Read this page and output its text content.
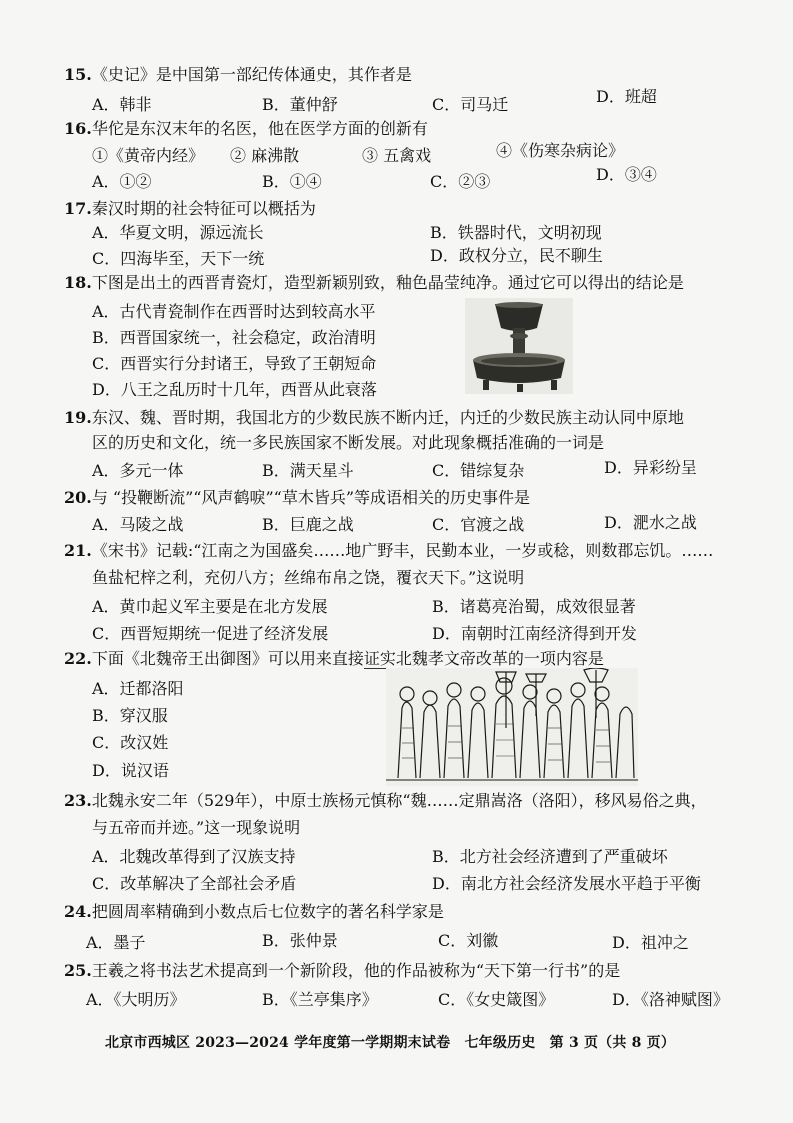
15.《史记》是中国第一部纪传体通史，其作者是
A．韩非	B．董仲舒	C．司马迁	D．班超
16.华佗是东汉末年的名医，他在医学方面的创新有
①《黄帝内经》 ② 麻沸散	③ 五禽戏	④《伤寒杂病论》
A．①②	B．①④	C．②③	D．③④
17.秦汉时期的社会特征可以概括为
A．华夏文明，源远流长	B．铁器时代，文明初现
C．四海毕至，天下一统	D．政权分立，民不聊生
18.下图是出土的西晋青瓷灯，造型新颖别致，釉色晶莹纯净。通过它可以得出的结论是
A．古代青瓷制作在西晋时达到较高水平
B．西晋国家统一，社会稳定，政治清明
C．西晋实行分封诸王，导致了王朝短命
D．八王之乱历时十几年，西晋从此衰落
19.东汉、魏、晋时期，我国北方的少数民族不断内迁，内迁的少数民族主动认同中原地
区的历史和文化，统一多民族国家不断发展。对此现象概括准确的一词是
A．多元一体	B．满天星斗	C．错综复杂	D．异彩纷呈
20.与 “投鞭断流”“风声鹤唳”“草木皆兵”等成语相关的历史事件是
A．马陵之战	B．巨鹿之战	C．官渡之战	D．淝水之战
21.《宋书》记载:“江南之为国盛矣……地广野丰，民勤本业，一岁或稔，则数郡忘饥。……
鱼盐杞梓之利，充仞八方；丝绵布帛之饶，覆衣天下。”这说明
A．黄巾起义军主要是在北方发展	B．诸葛亮治蜀，成效很显著
C．西晋短期统一促进了经济发展	D．南朝时江南经济得到开发
22.下面《北魏帝王出御图》可以用来直接证实北魏孝文帝改革的一项内容是
A．迁都洛阳
B．穿汉服
C．改汉姓
D．说汉语
23.北魏永安二年（529年），中原士族杨元慎称“魏……定鼎嵩洛（洛阳），移风易俗之典，
与五帝而并迹。”这一现象说明
A．北魏改革得到了汉族支持	B．北方社会经济遭到了严重破坏
C．改革解决了全部社会矛盾	D．南北方社会经济发展水平趋于平衡
24.把圆周率精确到小数点后七位数字的著名科学家是
A．墨子	B．张仲景	C．刘徽	D．祖冲之
25.王羲之将书法艺术提高到一个新阶段，他的作品被称为“天下第一行书”的是
A．《大明历》	B．《兰亭集序》	C．《女史箴图》	D．《洛神赋图》
北京市西城区 2023—2024 学年度第一学期期末试卷　七年级历史　第 3 页（共 8 页）
